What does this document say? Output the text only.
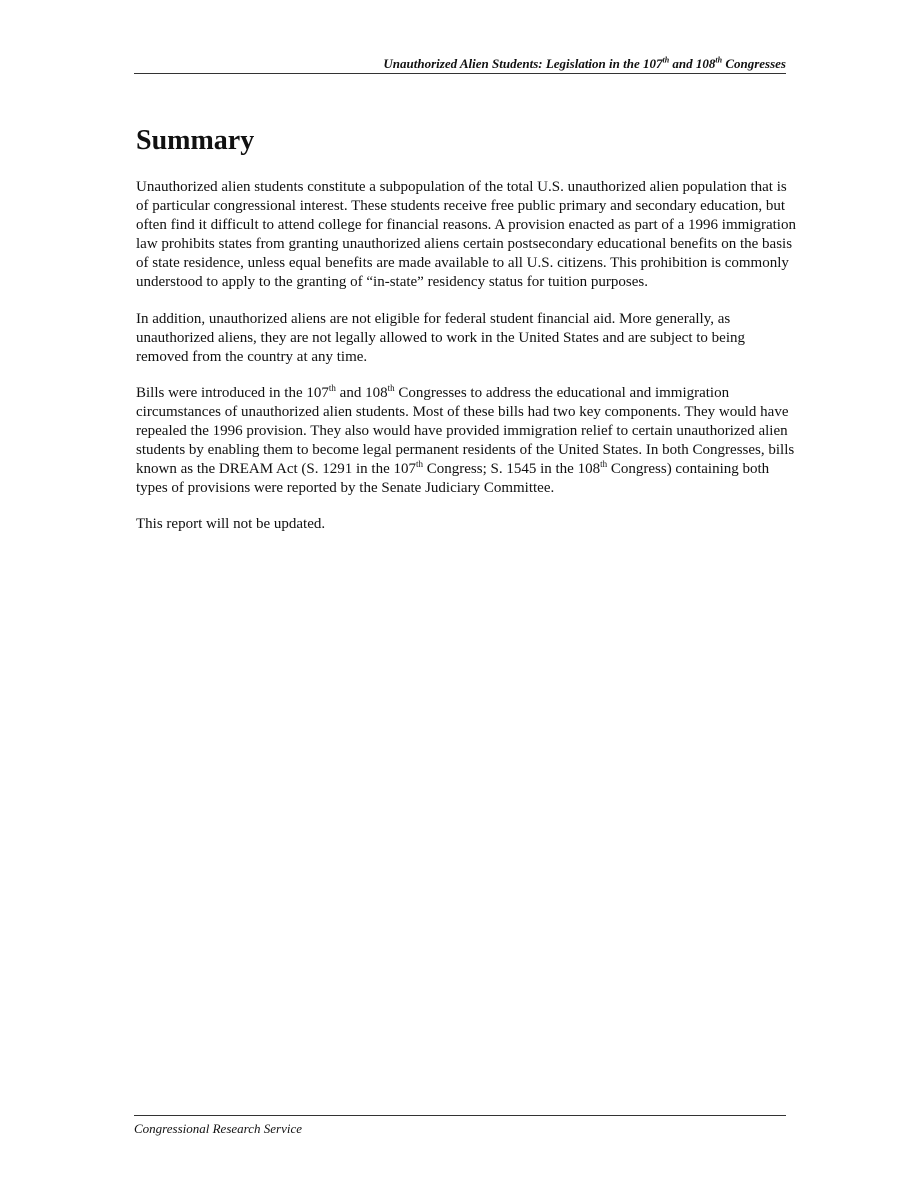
Unauthorized Alien Students: Legislation in the 107th and 108th Congresses
Summary

Unauthorized alien students constitute a subpopulation of the total U.S. unauthorized alien population that is of particular congressional interest. These students receive free public primary and secondary education, but often find it difficult to attend college for financial reasons. A provision enacted as part of a 1996 immigration law prohibits states from granting unauthorized aliens certain postsecondary educational benefits on the basis of state residence, unless equal benefits are made available to all U.S. citizens. This prohibition is commonly understood to apply to the granting of “in-state” residency status for tuition purposes.

In addition, unauthorized aliens are not eligible for federal student financial aid. More generally, as unauthorized aliens, they are not legally allowed to work in the United States and are subject to being removed from the country at any time.

Bills were introduced in the 107th and 108th Congresses to address the educational and immigration circumstances of unauthorized alien students. Most of these bills had two key components. They would have repealed the 1996 provision. They also would have provided immigration relief to certain unauthorized alien students by enabling them to become legal permanent residents of the United States. In both Congresses, bills known as the DREAM Act (S. 1291 in the 107th Congress; S. 1545 in the 108th Congress) containing both types of provisions were reported by the Senate Judiciary Committee.

This report will not be updated.

Congressional Research Service
